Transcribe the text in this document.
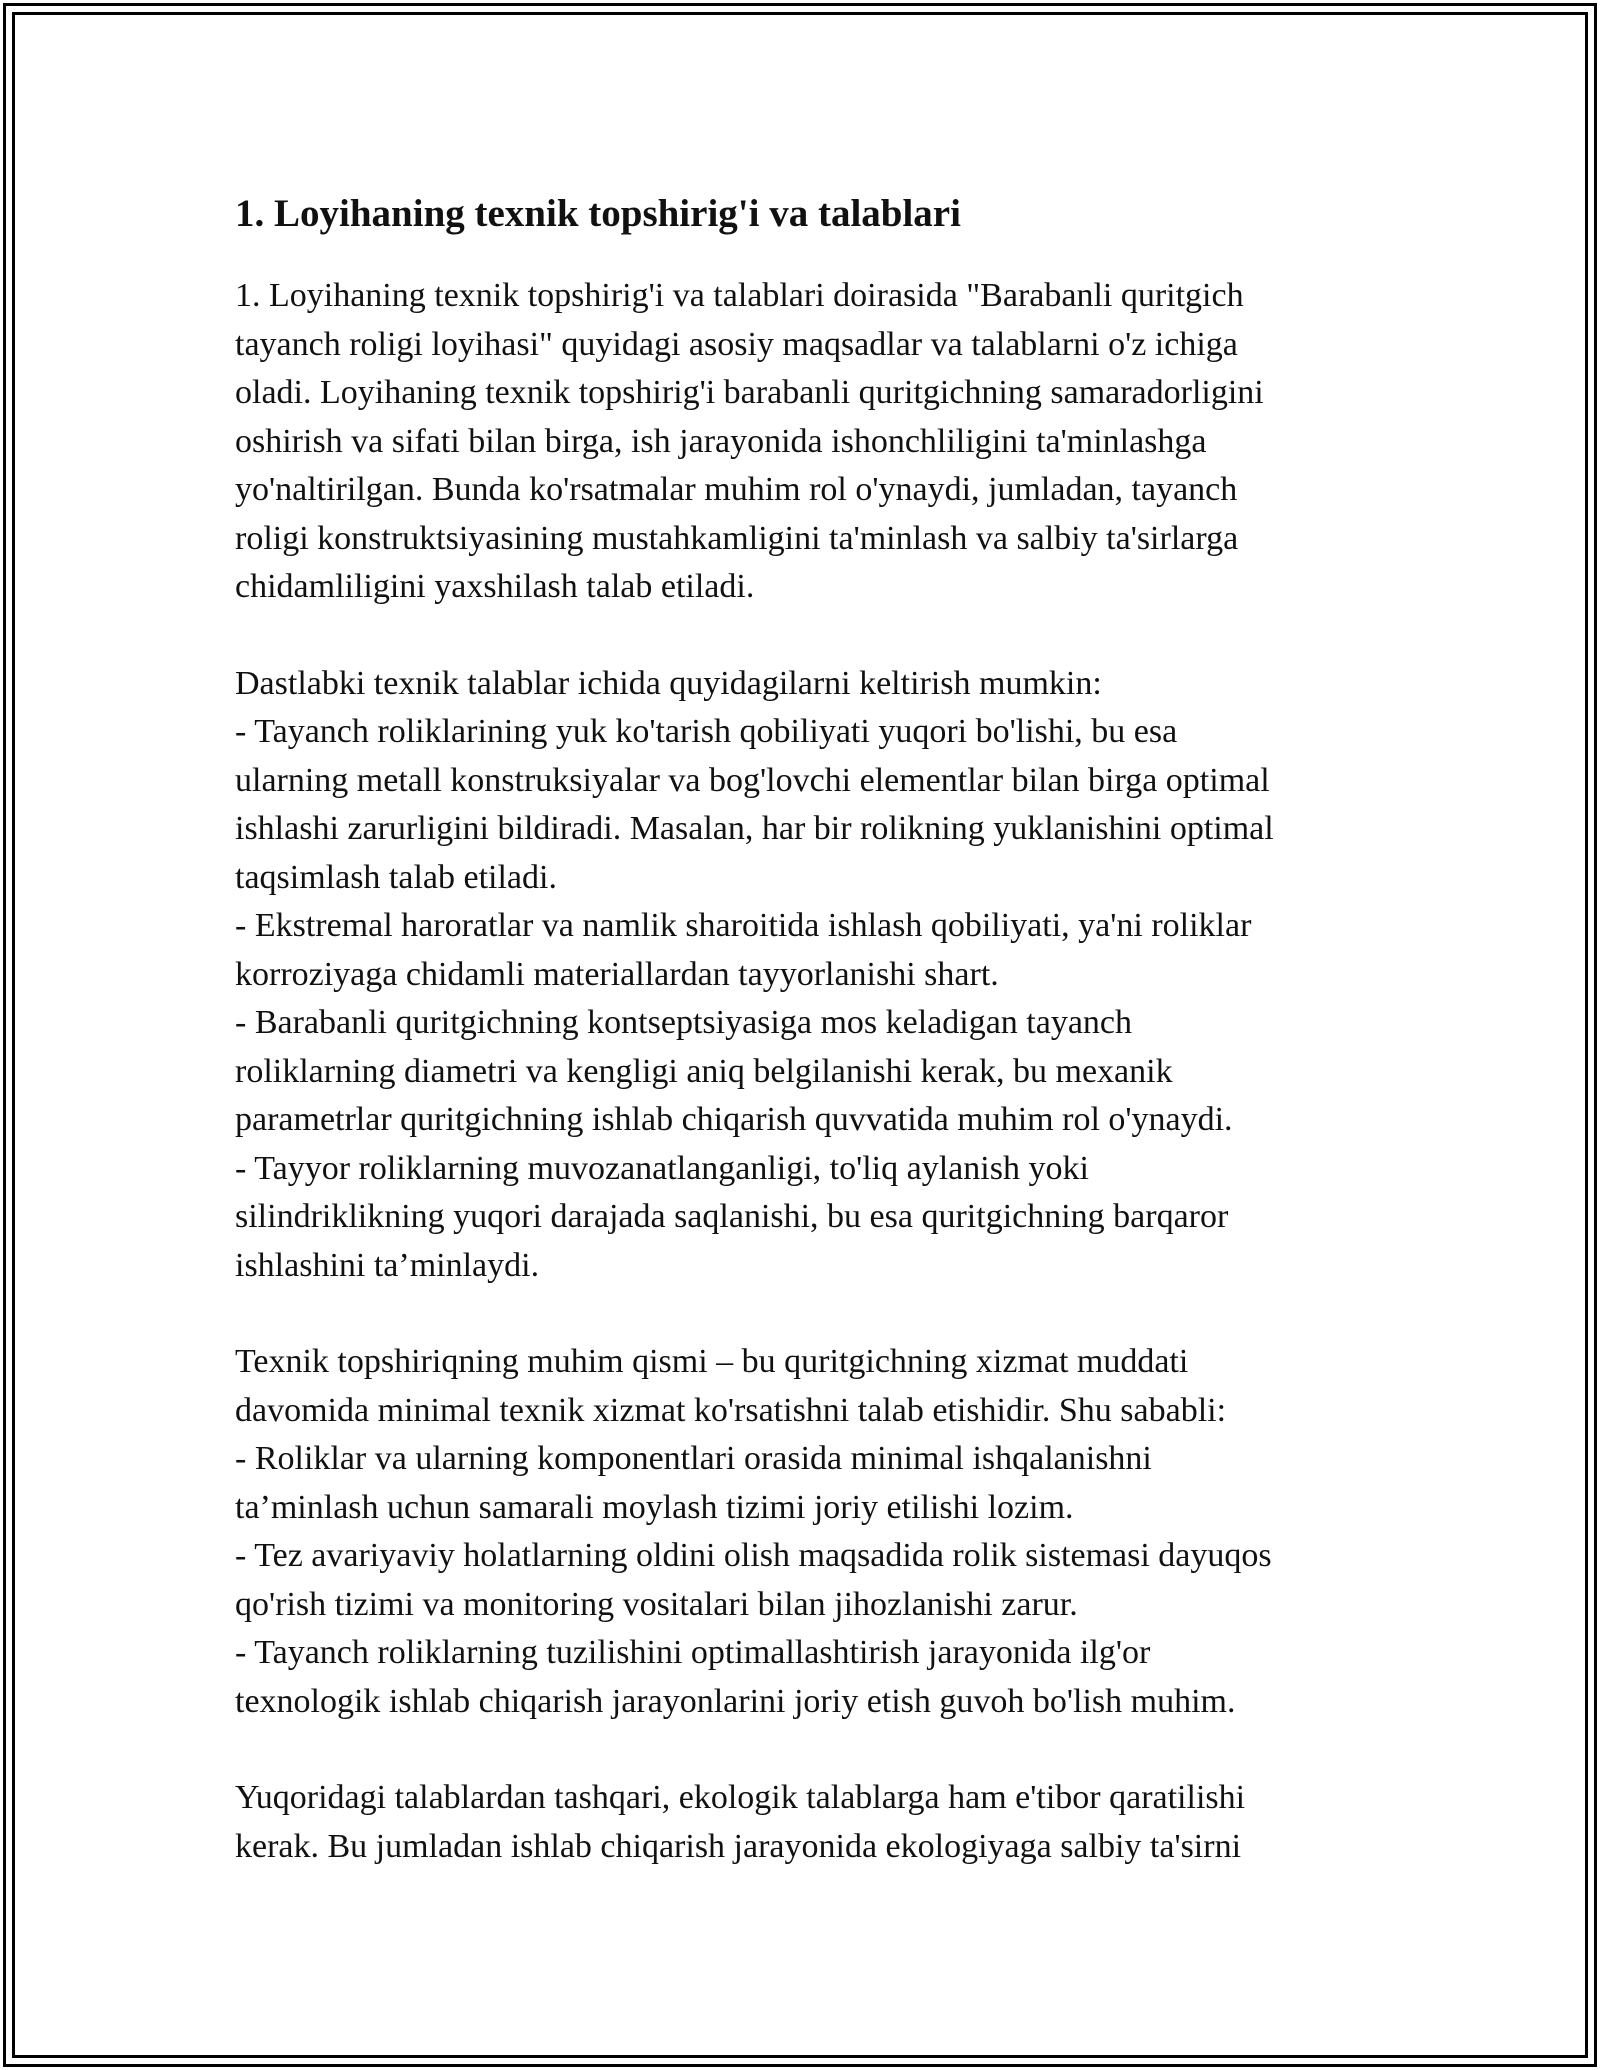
1. Loyihaning texnik topshirig'i va talablari
1. Loyihaning texnik topshirig'i va talablari doirasida "Barabanli quritgich
tayanch roligi loyihasi" quyidagi asosiy maqsadlar va talablarni o'z ichiga
oladi. Loyihaning texnik topshirig'i barabanli quritgichning samaradorligini
oshirish va sifati bilan birga, ish jarayonida ishonchliligini ta'minlashga
yo'naltirilgan. Bunda ko'rsatmalar muhim rol o'ynaydi, jumladan, tayanch
roligi konstruktsiyasining mustahkamligini ta'minlash va salbiy ta'sirlarga
chidamliligini yaxshilash talab etiladi.
Dastlabki texnik talablar ichida quyidagilarni keltirish mumkin:
- Tayanch roliklarining yuk ko'tarish qobiliyati yuqori bo'lishi, bu esa
ularning metall konstruksiyalar va bog'lovchi elementlar bilan birga optimal
ishlashi zarurligini bildiradi. Masalan, har bir rolikning yuklanishini optimal
taqsimlash talab etiladi.
- Ekstremal haroratlar va namlik sharoitida ishlash qobiliyati, ya'ni roliklar
korroziyaga chidamli materiallardan tayyorlanishi shart.
- Barabanli quritgichning kontseptsiyasiga mos keladigan tayanch
roliklarning diametri va kengligi aniq belgilanishi kerak, bu mexanik
parametrlar quritgichning ishlab chiqarish quvvatida muhim rol o'ynaydi.
- Tayyor roliklarning muvozanatlanganligi, to'liq aylanish yoki
silindriklikning yuqori darajada saqlanishi, bu esa quritgichning barqaror
ishlashini ta’minlaydi.
Texnik topshiriqning muhim qismi – bu quritgichning xizmat muddati
davomida minimal texnik xizmat ko'rsatishni talab etishidir. Shu sababli:
- Roliklar va ularning komponentlari orasida minimal ishqalanishni
ta’minlash uchun samarali moylash tizimi joriy etilishi lozim.
- Tez avariyaviy holatlarning oldini olish maqsadida rolik sistemasi dayuqos
qo'rish tizimi va monitoring vositalari bilan jihozlanishi zarur.
- Tayanch roliklarning tuzilishini optimallashtirish jarayonida ilg'or
texnologik ishlab chiqarish jarayonlarini joriy etish guvoh bo'lish muhim.
Yuqoridagi talablardan tashqari, ekologik talablarga ham e'tibor qaratilishi
kerak. Bu jumladan ishlab chiqarish jarayonida ekologiyaga salbiy ta'sirni
